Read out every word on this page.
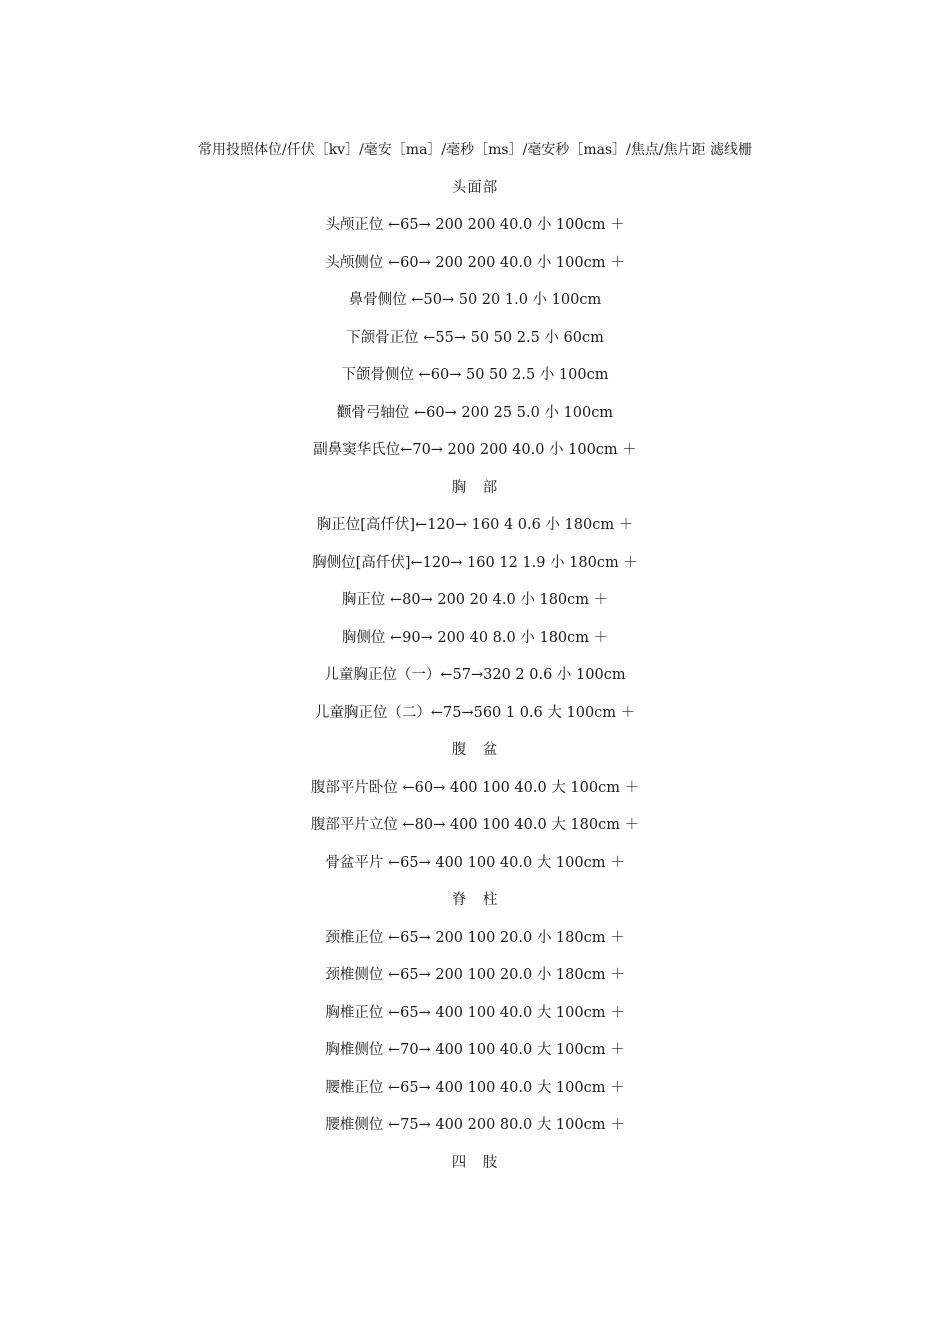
常用投照体位/仟伏［kv］/毫安［ma］/毫秒［ms］/毫安秒［mas］/焦点/焦片距 滤线栅
头面部
头颅正位 ←65→ 200 200 40.0 小 100cm ＋
头颅侧位 ←60→ 200 200 40.0 小 100cm ＋
鼻骨侧位 ←50→ 50 20 1.0 小 100cm
下颌骨正位 ←55→ 50 50 2.5 小 60cm
下颌骨侧位 ←60→ 50 50 2.5 小 100cm
颧骨弓轴位 ←60→ 200 25 5.0 小 100cm
副鼻窦华氏位←70→ 200 200 40.0 小 100cm ＋
胸　部
胸正位[高仟伏]←120→ 160 4 0.6 小 180cm ＋
胸侧位[高仟伏]←120→ 160 12 1.9 小 180cm ＋
胸正位 ←80→ 200 20 4.0 小 180cm ＋
胸侧位 ←90→ 200 40 8.0 小 180cm ＋
儿童胸正位（一）←57→320 2 0.6 小 100cm
儿童胸正位（二）←75→560 1 0.6 大 100cm ＋
腹　盆
腹部平片卧位 ←60→ 400 100 40.0 大 100cm ＋
腹部平片立位 ←80→ 400 100 40.0 大 180cm ＋
骨盆平片 ←65→ 400 100 40.0 大 100cm ＋
脊　柱
颈椎正位 ←65→ 200 100 20.0 小 180cm ＋
颈椎侧位 ←65→ 200 100 20.0 小 180cm ＋
胸椎正位 ←65→ 400 100 40.0 大 100cm ＋
胸椎侧位 ←70→ 400 100 40.0 大 100cm ＋
腰椎正位 ←65→ 400 100 40.0 大 100cm ＋
腰椎侧位 ←75→ 400 200 80.0 大 100cm ＋
四　肢
